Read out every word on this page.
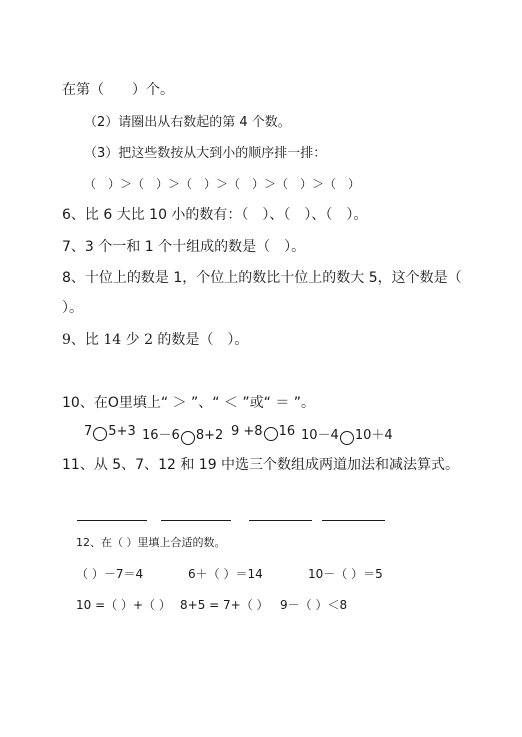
在第（　　）个。
（2）请圈出从右数起的第 4 个数。
（3）把这些数按从大到小的顺序排一排：
（　）＞（　）＞（　）＞（　）＞（　）＞（　）
6、比 6 大比 10 小的数有：（　）、（　）、（　）。
7、3 个一和 1 个十组成的数是（　）。
8、十位上的数是 1，个位上的数比十位上的数大 5，这个数是（
）。
9、比 14 少 2 的数是（　）。
10、在O里填上“ ＞ ”、“ ＜ ”或“ ＝ ”。
7 5+3 16－6 8+2 9 +8 16 10－4 10＋4
11、从 5、7、12 和 19 中选三个数组成两道加法和减法算式。
12、在（ ）里填上合适的数。
（ ）－7＝4	6＋（ ）＝14	10－（ ）＝5
10 =（ ）+（ ） 8+5 = 7+（ ） 9－（ ）＜8
